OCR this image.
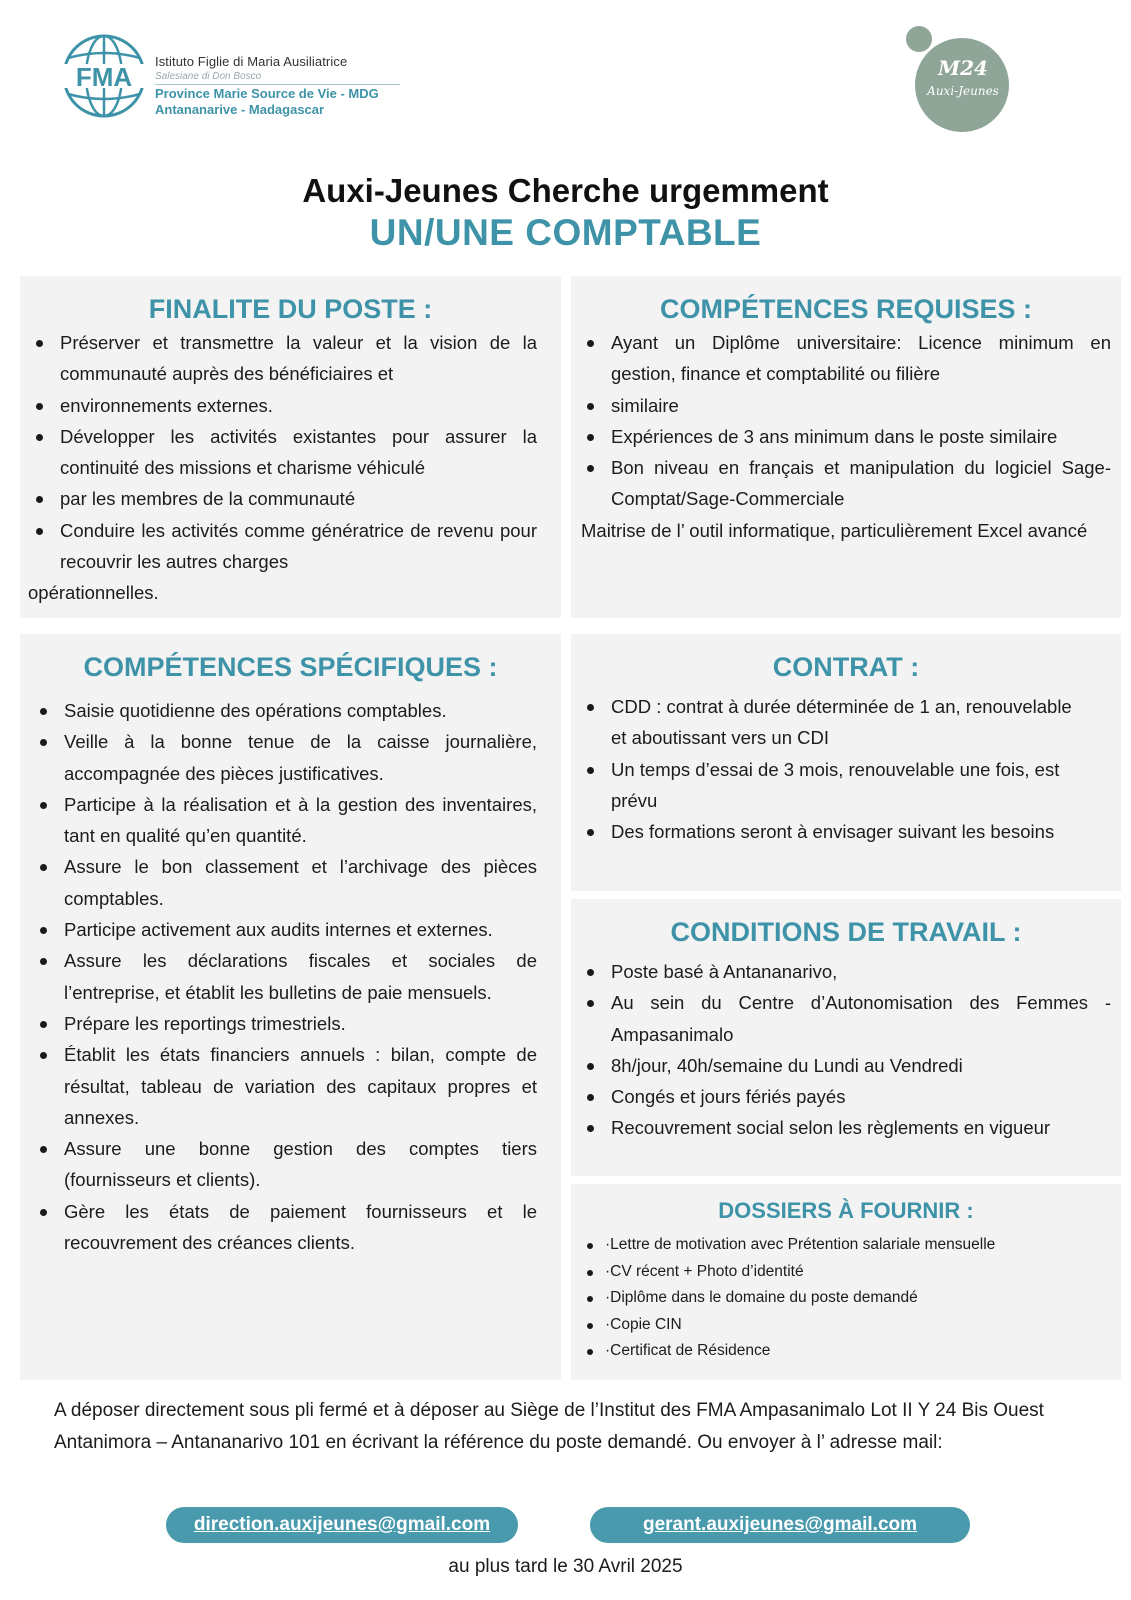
FMA
Istituto Figlie di Maria Ausiliatrice
Salesiane di Don Bosco
Province Marie Source de Vie - MDG
Antananarive - Madagascar
M24
Auxi-Jeunes
Auxi-Jeunes Cherche urgemment
UN/UNE COMPTABLE
FINALITE DU POSTE :
Préserver et transmettre la valeur et la vision de la communauté auprès des bénéficiaires et
environnements externes.
Développer les activités existantes pour assurer la continuité des missions et charisme véhiculé
par les membres de la communauté
Conduire les activités comme génératrice de revenu pour recouvrir les autres charges
opérationnelles.
COMPÉTENCES REQUISES :
Ayant un Diplôme universitaire: Licence minimum en gestion, finance et comptabilité ou filière
similaire
Expériences de 3 ans minimum dans le poste similaire
Bon niveau en français et manipulation du logiciel Sage-Comptat/Sage-Commerciale
Maitrise de l’ outil informatique, particulièrement Excel avancé
COMPÉTENCES SPÉCIFIQUES :
Saisie quotidienne des opérations comptables.
Veille à la bonne tenue de la caisse journalière, accompagnée des pièces justificatives.
Participe à la réalisation et à la gestion des inventaires, tant en qualité qu’en quantité.
Assure le bon classement et l’archivage des pièces comptables.
Participe activement aux audits internes et externes.
Assure les déclarations fiscales et sociales de l’entreprise, et établit les bulletins de paie mensuels.
Prépare les reportings trimestriels.
Établit les états financiers annuels : bilan, compte de résultat, tableau de variation des capitaux propres et annexes.
Assure une bonne gestion des comptes tiers (fournisseurs et clients).
Gère les états de paiement fournisseurs et le recouvrement des créances clients.
CONTRAT :
CDD : contrat à durée déterminée de 1 an, renouvelable et aboutissant vers un CDI
Un temps d’essai de 3 mois, renouvelable une fois, est prévu
Des formations seront à envisager suivant les besoins
CONDITIONS DE TRAVAIL :
Poste basé à Antananarivo,
Au sein du Centre d’Autonomisation des Femmes - Ampasanimalo
8h/jour, 40h/semaine du Lundi au Vendredi
Congés et jours fériés payés
Recouvrement social selon les règlements en vigueur
DOSSIERS À FOURNIR :
·Lettre de motivation avec Prétention salariale mensuelle
·CV récent + Photo d’identité
·Diplôme dans le domaine du poste demandé
·Copie CIN
·Certificat de Résidence
A déposer directement sous pli fermé et à déposer au Siège de l’Institut des FMA Ampasanimalo Lot II Y 24 Bis Ouest Antanimora – Antananarivo 101 en écrivant la référence du poste demandé. Ou envoyer à l’ adresse mail:
direction.auxijeunes@gmail.com	gerant.auxijeunes@gmail.com
au plus tard le 30 Avril 2025
